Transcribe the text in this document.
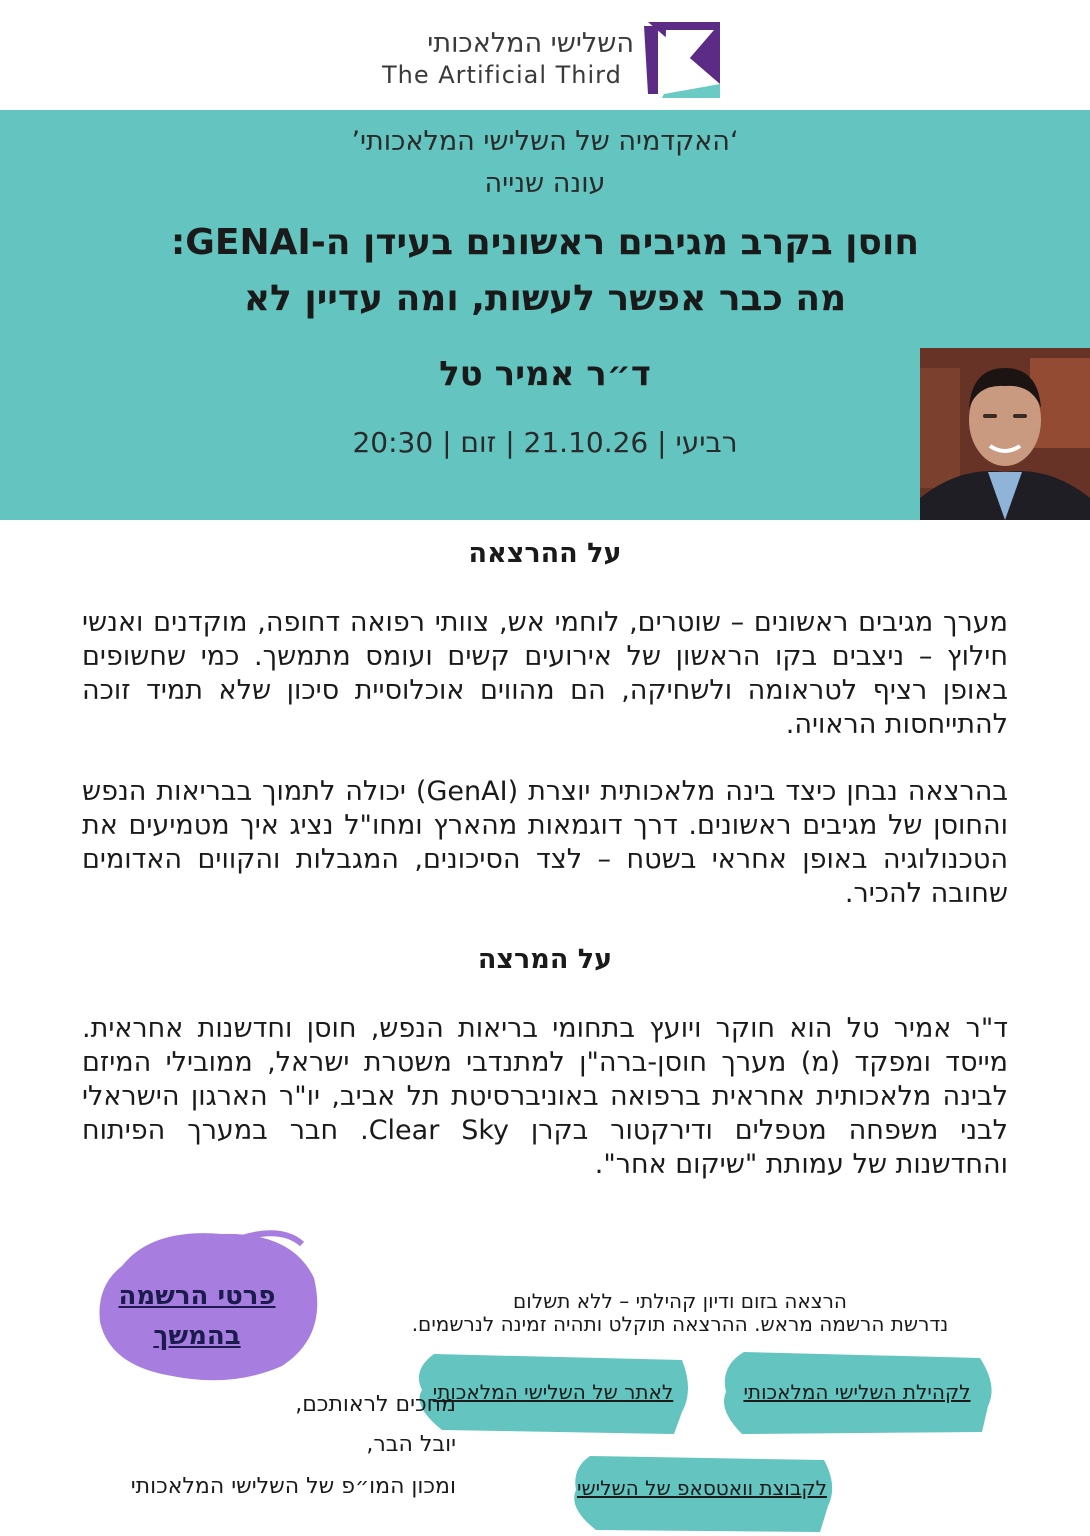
השלישי המלאכותי
The Artificial Third
‘האקדמיה של השלישי המלאכותי’
עונה שנייה
חוסן בקרב מגיבים ראשונים בעידן ה-GENAI:
מה כבר אפשר לעשות, ומה עדיין לא
ד״ר אמיר טל
רביעי | 21.10.26 | זום | 20:30
על ההרצאה

מערך מגיבים ראשונים – שוטרים, לוחמי אש, צוותי רפואה דחופה, מוקדנים ואנשי חילוץ – ניצבים בקו הראשון של אירועים קשים ועומס מתמשך. כמי שחשופים באופן רציף לטראומה ולשחיקה, הם מהווים אוכלוסיית סיכון שלא תמיד זוכה להתייחסות הראויה.

בהרצאה נבחן כיצד בינה מלאכותית יוצרת (GenAI) יכולה לתמוך בבריאות הנפש והחוסן של מגיבים ראשונים. דרך דוגמאות מהארץ ומחו"ל נציג איך מטמיעים את הטכנולוגיה באופן אחראי בשטח – לצד הסיכונים, המגבלות והקווים האדומים שחובה להכיר.

על המרצה

ד"ר אמיר טל הוא חוקר ויועץ בתחומי בריאות הנפש, חוסן וחדשנות אחראית. מייסד ומפקד (מ) מערך חוסן-ברה"ן למתנדבי משטרת ישראל, ממובילי המיזם לבינה מלאכותית אחראית ברפואה באוניברסיטת תל אביב, יו"ר הארגון הישראלי לבני משפחה מטפלים ודירקטור בקרן Clear Sky. חבר במערך הפיתוח והחדשנות של עמותת "שיקום אחר".

פרטי הרשמה
בהמשך
הרצאה בזום ודיון קהילתי – ללא תשלום
נדרשת הרשמה מראש. ההרצאה תוקלט ותהיה זמינה לנרשמים.
לאתר של השלישי המלאכותי	לקהילת השלישי המלאכותי
לקבוצת וואטסאפ של השלישי
מחכים לראותכם,
יובל הבר,
ומכון המו״פ של השלישי המלאכותי
